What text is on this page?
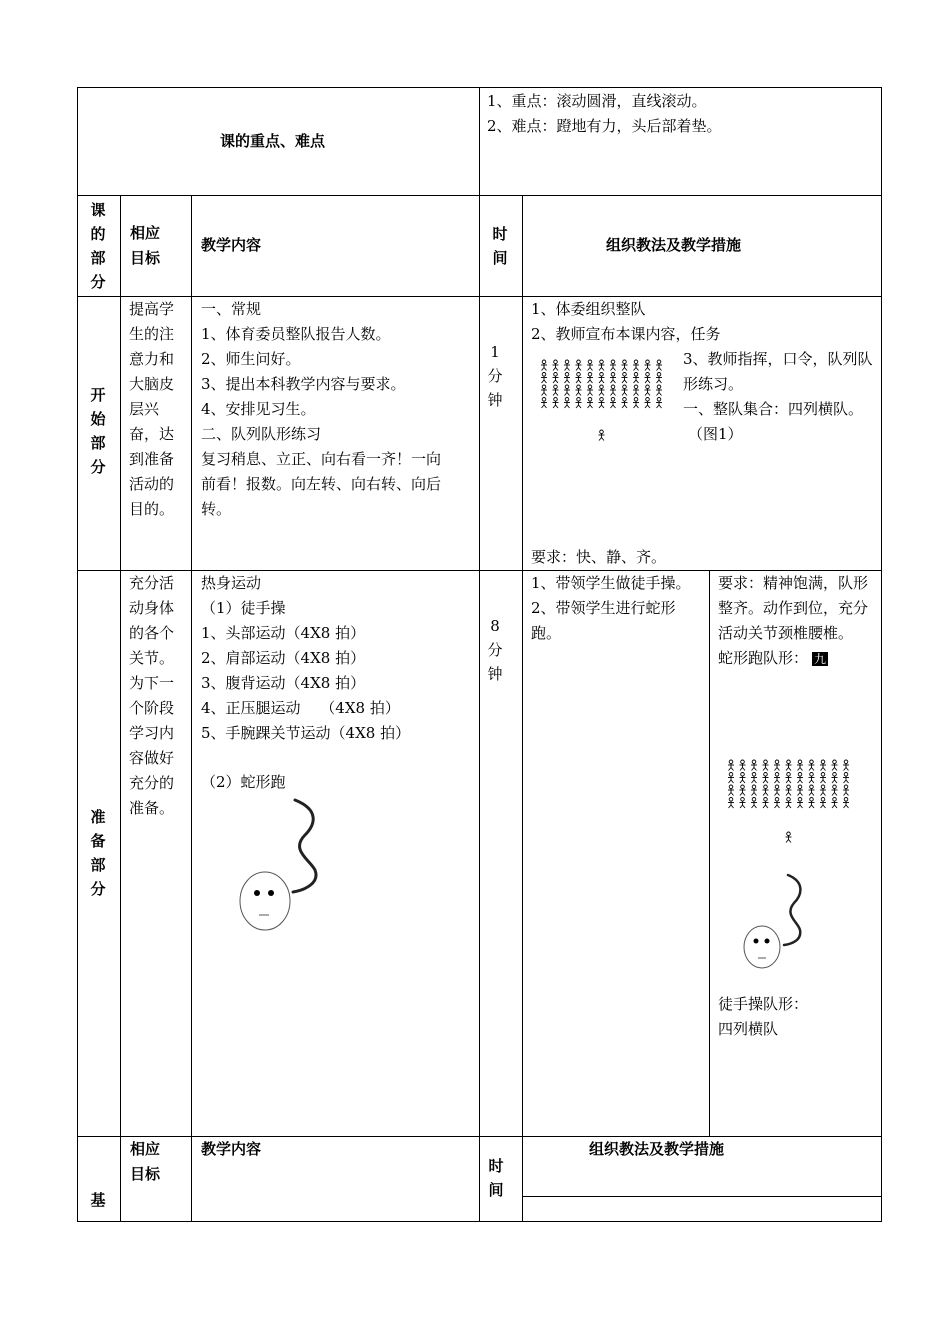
课的重点、难点
1、重点：滚动圆滑，直线滚动。
2、难点：蹬地有力，头后部着垫。
课
的
部
分
相应
目标
教学内容
时
间
组织教法及教学措施
开
始
部
分
提高学
生的注
意力和
大脑皮
层兴
奋，达
到准备
活动的
目的。
一、常规
1、体育委员整队报告人数。
2、师生问好。
3、提出本科教学内容与要求。
4、安排见习生。
二、队列队形练习
复习稍息、立正、向右看一齐！一向
前看！报数。向左转、向右转、向后
转。
1
分
钟
1、体委组织整队
2、教师宣布本课内容，任务
3、教师指挥，口令，队列队
形练习。
一、整队集合：四列横队。
（图1）
要求：快、静、齐。
准
备
部
分
充分活
动身体
的各个
关节。
为下一
个阶段
学习内
容做好
充分的
准备。
热身运动
（1）徒手操
1、头部运动（4X8 拍）
2、肩部运动（4X8 拍）
3、腹背运动（4X8 拍）
4、正压腿运动　 （4X8 拍）
5、手腕踝关节运动（4X8 拍）
（2）蛇形跑
8
分
钟
1、带领学生做徒手操。
2、带领学生进行蛇形
跑。
要求：精神饱满，队形
整齐。动作到位，充分
活动关节颈椎腰椎。
蛇形跑队形： 九
徒手操队形：
四列横队
基
相应
目标
教学内容
时
间
组织教法及教学措施
